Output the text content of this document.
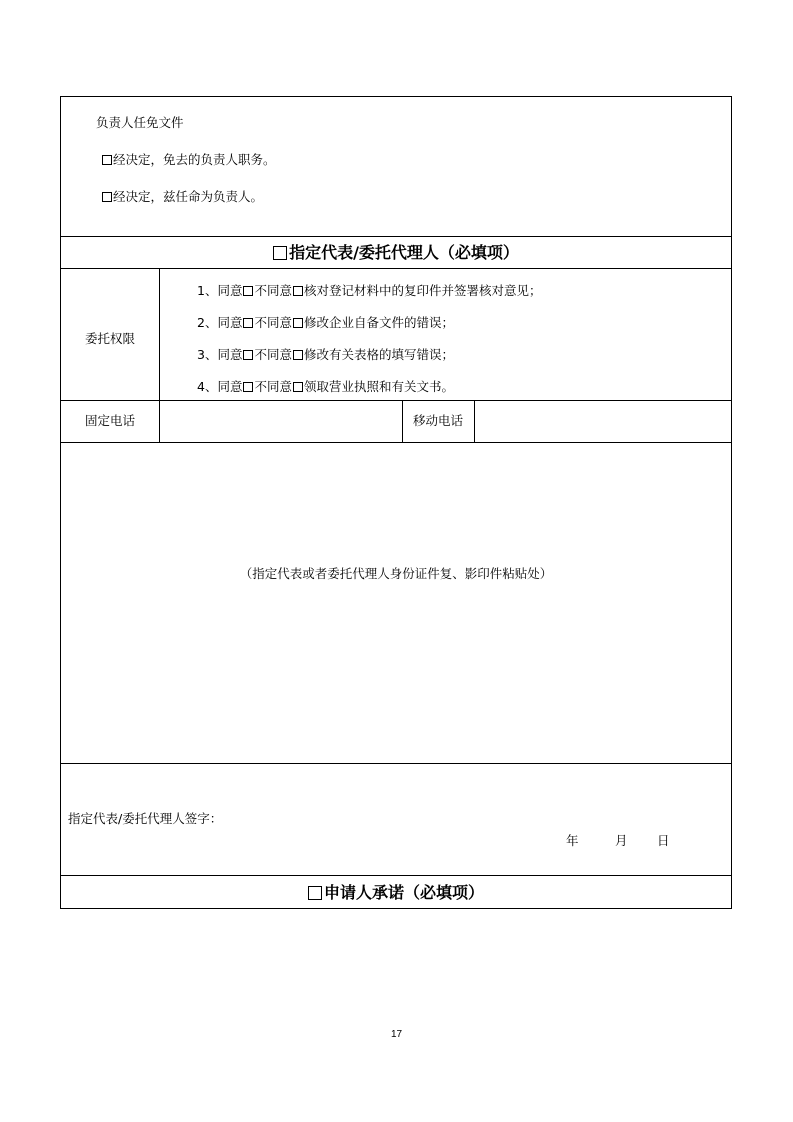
负责人任免文件
经决定，免去的负责人职务。
经决定，兹任命为负责人。
指定代表/委托代理人（必填项）
委托权限
1、同意 不同意 核对登记材料中的复印件并签署核对意见；
2、同意 不同意 修改企业自备文件的错误；
3、同意 不同意 修改有关表格的填写错误；
4、同意 不同意 领取营业执照和有关文书。
固定电话	移动电话
（指定代表或者委托代理人身份证件复、影印件粘贴处）
指定代表/委托代理人签字：
年	月 日
申请人承诺（必填项）
17
